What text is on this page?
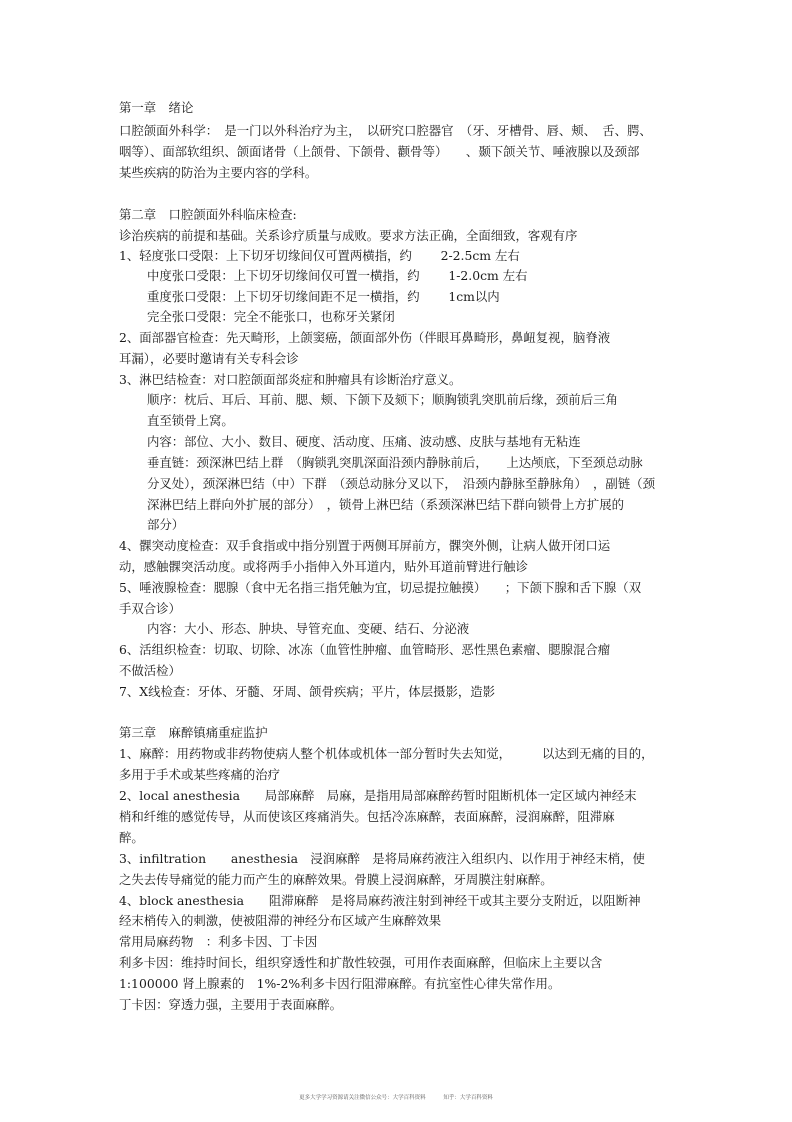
第一章　绪论
口腔颌面外科学：　是一门以外科治疗为主，　以研究口腔器官　（牙、牙槽骨、唇、颊、　舌、腭、
咽等）、面部软组织、颌面诸骨（上颌骨、下颌骨、颧骨等）　　、颞下颌关节、唾液腺以及颈部
某些疾病的防治为主要内容的学科。
第二章　口腔颌面外科临床检查:
诊治疾病的前提和基础。关系诊疗质量与成败。要求方法正确，全面细致，客观有序
1、轻度张口受限：上下切牙切缘间仅可置两横指，约　　 2-2.5cm 左右
中度张口受限：上下切牙切缘间仅可置一横指，约　　 1-2.0cm 左右
重度张口受限：上下切牙切缘间距不足一横指，约　　 1cm以内
完全张口受限：完全不能张口，也称牙关紧闭
2、面部器官检查：先天畸形，上颌窦癌，颌面部外伤（伴眼耳鼻畸形，鼻衄复视，脑脊液
耳漏），必要时邀请有关专科会诊
3、淋巴结检查：对口腔颌面部炎症和肿瘤具有诊断治疗意义。
顺序：枕后、耳后、耳前、腮、颊、下颌下及颏下；顺胸锁乳突肌前后缘，颈前后三角
直至锁骨上窝。
内容：部位、大小、数目、硬度、活动度、压痛、波动感、皮肤与基地有无粘连
垂直链：颈深淋巴结上群　（胸锁乳突肌深面沿颈内静脉前后，　　上达颅底，下至颈总动脉
分叉处），颈深淋巴结（中）下群　（颈总动脉分叉以下，　沿颈内静脉至静脉角）　，副链（颈
深淋巴结上群向外扩展的部分）　，锁骨上淋巴结（系颈深淋巴结下群向锁骨上方扩展的
部分）
4、髁突动度检查：双手食指或中指分别置于两侧耳屏前方，髁突外侧，让病人做开闭口运
动，感触髁突活动度。或将两手小指伸入外耳道内，贴外耳道前臂进行触诊
5、唾液腺检查：腮腺（食中无名指三指凭触为宜，切忌提拉触摸）　　；下颌下腺和舌下腺（双
手双合诊）
内容：大小、形态、肿块、导管充血、变硬、结石、分泌液
6、活组织检查：切取、切除、冰冻（血管性肿瘤、血管畸形、恶性黑色素瘤、腮腺混合瘤
不做活检）
7、X线检查：牙体、牙髓、牙周、颌骨疾病；平片，体层摄影，造影
第三章　麻醉镇痛重症监护
1、麻醉：用药物或非药物使病人整个机体或机体一部分暂时失去知觉，　　　以达到无痛的目的，
多用于手术或某些疼痛的治疗
2、local anesthesia　　局部麻醉　局麻，是指用局部麻醉药暂时阻断机体一定区域内神经末
梢和纤维的感觉传导，从而使该区疼痛消失。包括冷冻麻醉，表面麻醉，浸润麻醉，阻滞麻
醉。
3、infiltration　　anesthesia　浸润麻醉　是将局麻药液注入组织内、以作用于神经末梢，使
之失去传导痛觉的能力而产生的麻醉效果。骨膜上浸润麻醉，牙周膜注射麻醉。
4、block anesthesia　　阻滞麻醉　是将局麻药液注射到神经干或其主要分支附近，以阻断神
经末梢传入的刺激，使被阻滞的神经分布区域产生麻醉效果
常用局麻药物　：利多卡因、丁卡因
利多卡因：维持时间长，组织穿透性和扩散性较强，可用作表面麻醉，但临床上主要以含
1:100000 肾上腺素的　1%-2%利多卡因行阻滞麻醉。有抗室性心律失常作用。
丁卡因：穿透力强，主要用于表面麻醉。
更多大学学习资源请关注微信公众号：大学百科资料	知乎：大学百科资料
